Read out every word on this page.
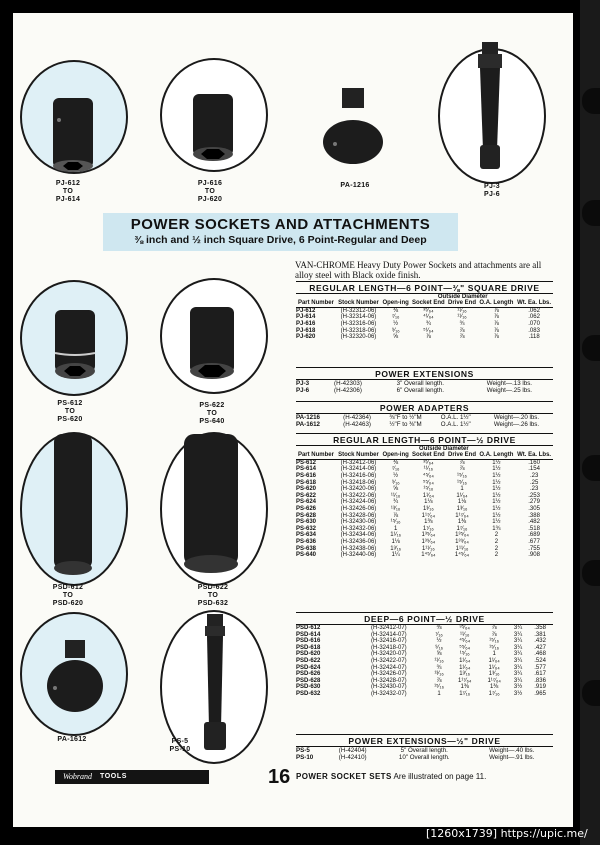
PJ-612
TO
PJ-614
PJ-616
TO
PJ-620
PA-1216	PJ-3
PJ-6
POWER SOCKETS AND ATTACHMENTS
⅜ inch and ½ inch Square Drive, 6 Point-Regular and Deep
PS-612
TO
PS-620
PS-622
TO
PS-640
PSD-612
TO
PSD-620
PSD-622
TO
PSD-632
PA-1612	PS-5
PS-10
VAN-CHROME Heavy Duty Power Sockets and attachments are all alloy steel with Black oxide finish.
REGULAR LENGTH—6 POINT—⅜" SQUARE DRIVE
			Outside Diameter				
Part Number	Stock Number	Open-ing	Socket End	Drive End	O.A. Length	Wt. Ea. Lbs.	
PJ-612	(H-32312-06)	⅜	³⁵⁄₆₄	¹¹⁄₁₆	⅞	.062	
PJ-614	(H-32314-06)	⁷⁄₁₆	⁴¹⁄₆₄	¹¹⁄₁₆	⅞	.062	
PJ-616	(H-32316-06)	½	¾	¾	⅞	.070	
PJ-618	(H-32318-06)	⁹⁄₁₆	⁵¹⁄₆₄	⅞	⅞	.083	
PJ-620	(H-32320-06)	⅝	⅞	⅞	⅞	.118	
POWER EXTENSIONS
PJ-3	(H-42303)	3" Overall length.	Weight—.13 lbs.
PJ-6	(H-42306)	6" Overall length.	Weight—.25 lbs.
POWER ADAPTERS
PA-1216	(H-42364)	⅜"F to ½"M	O.A.L. 1½"	Weight—.20 lbs.
PA-1612	(H-42463)	½"F to ⅜"M	O.A.L. 1½"	Weight—.26 lbs.
REGULAR LENGTH—6 POINT—½ DRIVE
			Outside Diameter			
Part Number	Stock Number	Open-ing	Socket End	Drive End	O.A. Length	Wt. Ea. Lbs.
PS-612	(H-32412-06)	⅜	³⁵⁄₆₄	⅞	1½	.160
PS-614	(H-32414-06)	⁷⁄₁₆	¹¹⁄₁₆	⅞	1½	.154
PS-616	(H-32416-06)	½	⁴⁵⁄₆₄	¹⁵⁄₁₆	1½	.23
PS-618	(H-32418-06)	⁹⁄₁₆	⁵⁵⁄₆₄	¹⁵⁄₁₆	1½	.25
PS-620	(H-32420-06)	⅝	¹⁵⁄₁₆	1	1½	.23
PS-622	(H-32422-06)	¹¹⁄₁₆	1¹⁄₆₄	1¹⁄₆₄	1½	.253
PS-624	(H-32424-06)	¾	1⅛	1⅛	1½	.279
PS-626	(H-32426-06)	¹³⁄₁₆	1³⁄₁₆	1³⁄₁₆	1½	.305
PS-628	(H-32428-06)	⅞	1¹⁷⁄₆₄	1¹⁷⁄₆₄	1½	.388
PS-630	(H-32430-06)	¹⁵⁄₁₆	1⅜	1⅜	1½	.482
PS-632	(H-32432-06)	1	1⁷⁄₁₆	1⁷⁄₁₆	1¾	.518
PS-634	(H-32434-06)	1¹⁄₁₆	1³⁵⁄₆₄	1³⁵⁄₆₄	2	.689
PS-636	(H-32436-06)	1⅛	1³⁹⁄₆₄	1³⁹⁄₆₄	2	.677
PS-638	(H-32438-06)	1³⁄₁₆	1¹¹⁄₁₆	1¹¹⁄₁₆	2	.755
PS-640	(H-32440-06)	1¼	1⁴⁵⁄₆₄	1⁴⁵⁄₆₄	2	.908
DEEP—6 POINT—½ DRIVE
PSD-612	(H-32412-07)	⅜	³⁵⁄₆₄	⅞	3¼	.358
PSD-614	(H-32414-07)	⁷⁄₁₆	¹¹⁄₁₆	⅞	3¼	.381
PSD-616	(H-32416-07)	½	⁴⁵⁄₆₄	¹⁵⁄₁₆	3¼	.432
PSD-618	(H-32418-07)	⁹⁄₁₆	⁵⁵⁄₆₄	¹⁵⁄₁₆	3¼	.427
PSD-620	(H-32420-07)	⅝	¹⁵⁄₁₆	1	3¼	.468
PSD-622	(H-32422-07)	¹¹⁄₁₆	1¹⁄₆₄	1¹⁄₆₄	3¼	.524
PSD-624	(H-32424-07)	¾	1¹⁄₆₄	1¹⁄₆₄	3¼	.577
PSD-626	(H-32426-07)	¹³⁄₁₆	1³⁄₁₆	1³⁄₁₆	3¼	.617
PSD-628	(H-32428-07)	⅞	1¹⁷⁄₆₄	1¹⁷⁄₆₄	3¼	.836
PSD-630	(H-32430-07)	¹⁵⁄₁₆	1⅜	1⅜	3½	.919
PSD-632	(H-32432-07)	1	1⁷⁄₁₆	1⁷⁄₁₆	3½	.965
POWER EXTENSIONS—½" DRIVE
PS-5	(H-42404)	5" Overall length.	Weight—.40 lbs.
PS-10	(H-42410)	10" Overall length.	Weight—.91 lbs.
Wobrand TOOLS	16 POWER SOCKET SETS Are illustrated on page 11.
[1260x1739] https://upic.me/
